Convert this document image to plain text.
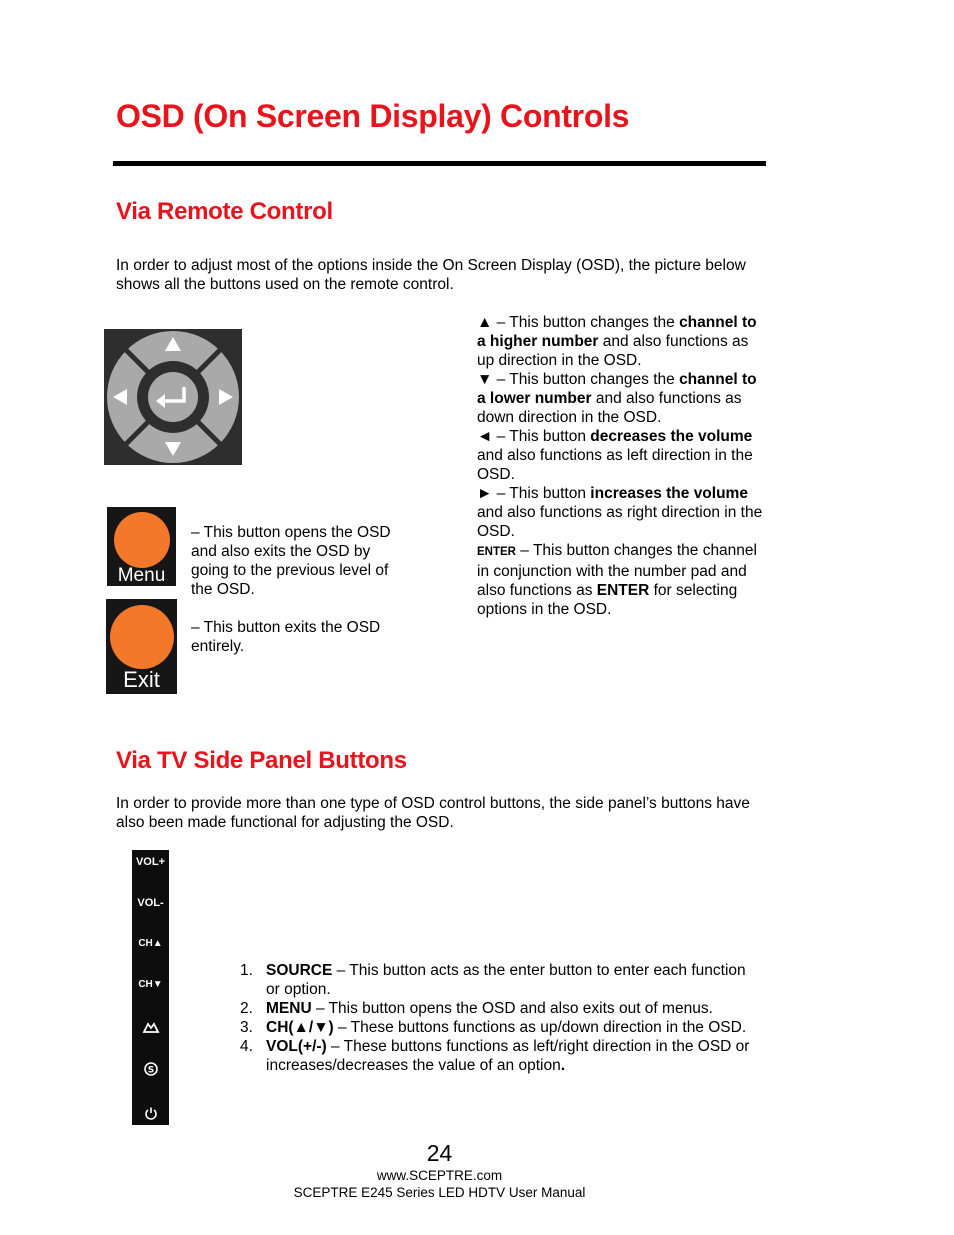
OSD (On Screen Display) Controls
Via Remote Control
In order to adjust most of the options inside the On Screen Display (OSD), the picture below shows all the buttons used on the remote control.
Menu
– This button opens the OSD and also exits the OSD by going to the previous level of the OSD.
Exit
– This button exits the OSD entirely.
▲ – This button changes the channel to a higher number and also functions as up direction in the OSD.
▼ – This button changes the channel to a lower number and also functions as down direction in the OSD.
◄ – This button decreases the volume and also functions as left direction in the OSD.
► – This button increases the volume and also functions as right direction in the OSD.
ENTER – This button changes the channel in conjunction with the number pad and also functions as ENTER for selecting options in the OSD.
Via TV Side Panel Buttons
In order to provide more than one type of OSD control buttons, the side panel’s buttons have also been made functional for adjusting the OSD.
VOL+
VOL-
CH▲
CH▼
S
1. SOURCE – This button acts as the enter button to enter each function or option.
2. MENU – This button opens the OSD and also exits out of menus.
3. CH(▲/▼) – These buttons functions as up/down direction in the OSD.
4. VOL(+/-) – These buttons functions as left/right direction in the OSD or increases/decreases the value of an option.
24
www.SCEPTRE.com
SCEPTRE E245 Series LED HDTV User Manual
